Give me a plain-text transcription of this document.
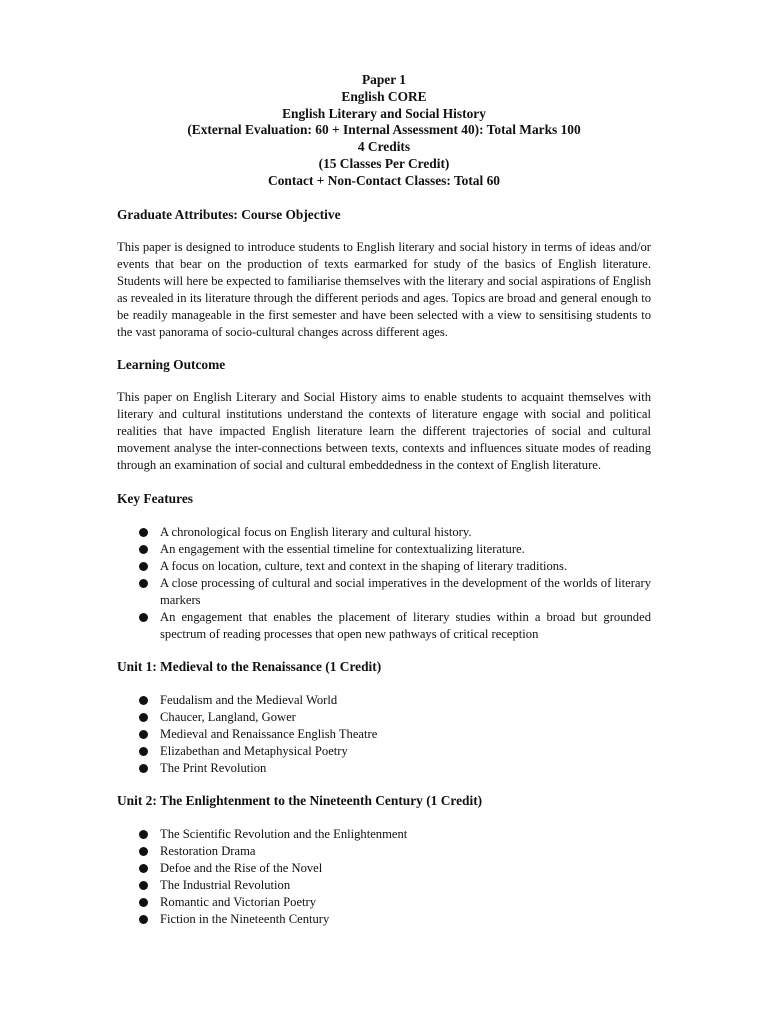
Paper 1
English CORE
English Literary and Social History
(External Evaluation: 60 + Internal Assessment 40): Total Marks 100
4 Credits
(15 Classes Per Credit)
Contact + Non-Contact Classes: Total 60
Graduate Attributes: Course Objective

This paper is designed to introduce students to English literary and social history in terms of ideas and/or events that bear on the production of texts earmarked for study of the basics of English literature. Students will here be expected to familiarise themselves with the literary and social aspirations of English as revealed in its literature through the different periods and ages. Topics are broad and general enough to be readily manageable in the first semester and have been selected with a view to sensitising students to the vast panorama of socio-cultural changes across different ages.

Learning Outcome

This paper on English Literary and Social History aims to enable students to acquaint themselves with literary and cultural institutions understand the contexts of literature engage with social and political realities that have impacted English literature learn the different trajectories of social and cultural movement analyse the inter-connections between texts, contexts and influences situate modes of reading through an examination of social and cultural embeddedness in the context of English literature.

Key Features
A chronological focus on English literary and cultural history.
An engagement with the essential timeline for contextualizing literature.
A focus on location, culture, text and context in the shaping of literary traditions.
A close processing of cultural and social imperatives in the development of the worlds of literary markers
An engagement that enables the placement of literary studies within a broad but grounded spectrum of reading processes that open new pathways of critical reception
Unit 1: Medieval to the Renaissance (1 Credit)
Feudalism and the Medieval World
Chaucer, Langland, Gower
Medieval and Renaissance English Theatre
Elizabethan and Metaphysical Poetry
The Print Revolution
Unit 2: The Enlightenment to the Nineteenth Century (1 Credit)
The Scientific Revolution and the Enlightenment
Restoration Drama
Defoe and the Rise of the Novel
The Industrial Revolution
Romantic and Victorian Poetry
Fiction in the Nineteenth Century
